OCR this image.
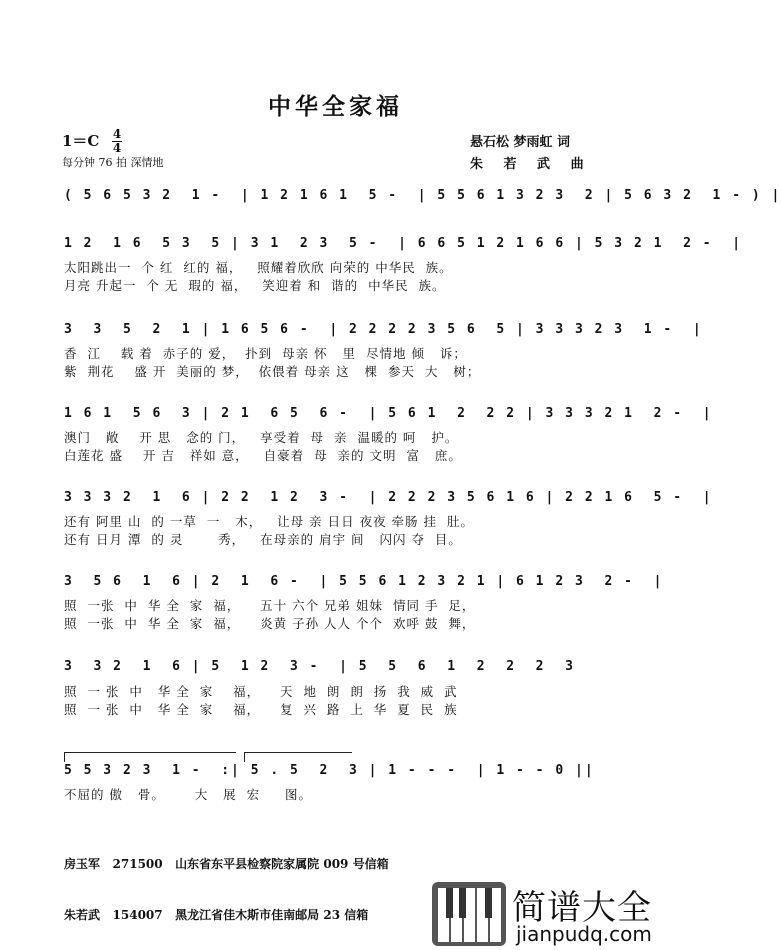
中华全家福
1＝C 4
4
每分钟 76 拍 深情地
悬石松 梦雨虹 词
朱 若 武 曲
( 5 6 5 3 2  1 -  | 1 2 1 6 1  5 -  | 5 5 6 1 3 2 3  2 | 5 6 3 2  1 - ) |
1 2  1 6  5 3  5 | 3 1  2 3  5 -  | 6 6 5 1 2 1 6 6 | 5 3 2 1  2 -  |
太阳跳出一  个 红  红的 福，   照耀着欣欣 向荣的 中华民  族。
月亮 升起一  个 无  瑕的 福，   笑迎着 和  谐的  中华民  族。
3  3  5  2  1 | 1 6 5 6 -  | 2 2 2 2 3 5 6  5 | 3 3 3 2 3  1 -  |
香  江    载 着  赤子的 爱，  扑到  母亲 怀   里  尽情地 倾   诉；
紫  荆花    盛 开  美丽的 梦，  依偎着 母亲 这   棵  参天  大   树；
1 6 1  5 6  3 | 2 1  6 5  6 -  | 5 6 1  2  2 2 | 3 3 3 2 1  2 -  |
澳门   敞    开 思   念的 门，   享受着  母  亲  温暖的 呵   护。
白莲花 盛    开 吉   祥如 意，   自豪着  母  亲的 文明  富   庶。
3 3 3 2  1  6 | 2 2  1 2  3 -  | 2 2 2 3 5 6 1 6 | 2 2 1 6  5 -  |
还有 阿里 山  的 一草  一   木，   让母 亲 日日 夜夜 牵肠 挂  肚。
还有 日月 潭  的 灵       秀，   在母亲的 肩宇 间   闪闪 夺  目。
3  5 6  1  6 | 2  1  6 -  | 5 5 6 1 2 3 2 1 | 6 1 2 3  2 -  |
照  一张  中  华 全  家  福，    五十 六个 兄弟 姐妹  情同 手  足，
照  一张  中  华 全  家  福，    炎黄 子孙 人人 个个  欢呼 鼓  舞，
3  3 2  1  6 | 5  1 2  3 -  | 5  5  6  1  2  2  2  3
照  一 张  中   华 全  家    福，    天  地  朗  朗  扬  我  威  武
照  一 张  中   华 全  家    福，    复  兴  路  上  华  夏  民  族
5 5 3 2 3  1 -  :| 5 . 5  2  3 | 1 - - -  | 1 - - 0 ||
不屈的 傲   骨。      大   展  宏     图。

房玉军   271500   山东省东平县检察院家属院 009 号信箱

朱若武   154007   黑龙江省佳木斯市佳南邮局 23 信箱	简谱大全
jianpudq.com
